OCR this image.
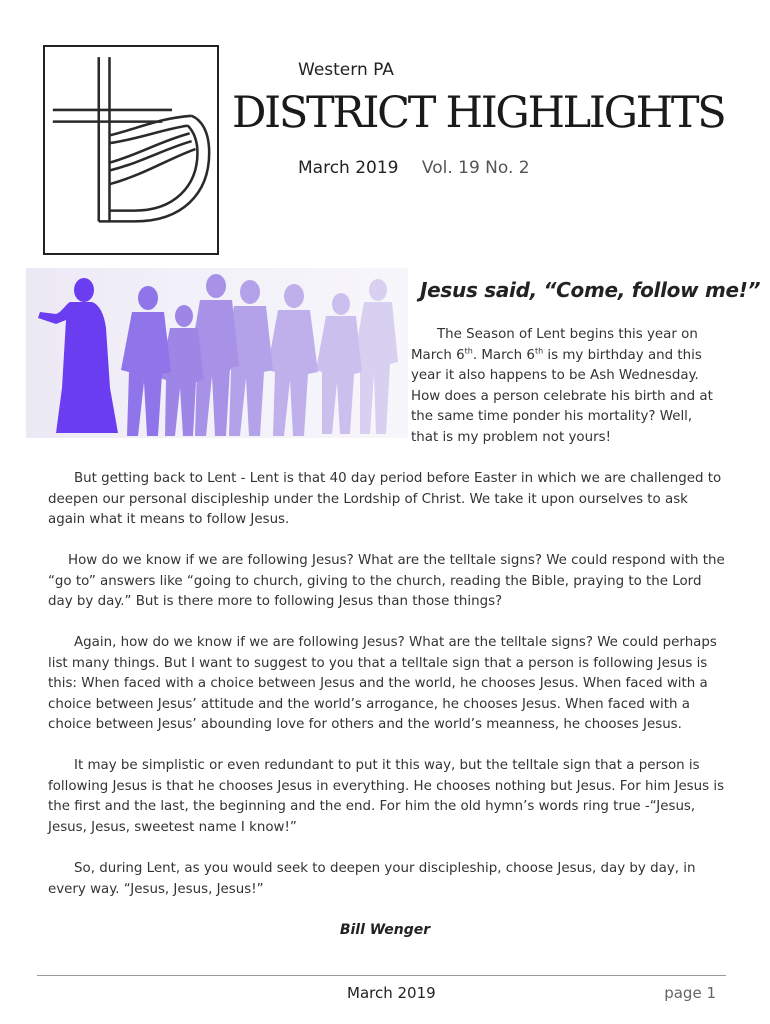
Western PA
DISTRICT HIGHLIGHTS
March 2019 Vol. 19 No. 2
Jesus said, “Come, follow me!”

The Season of Lent begins this year on March 6th. March 6th is my birthday and this year it also happens to be Ash Wednesday. How does a person celebrate his birth and at the same time ponder his mortality? Well, that is my problem not yours!

But getting back to Lent - Lent is that 40 day period before Easter in which we are challenged to deepen our personal discipleship under the Lordship of Christ. We take it upon ourselves to ask again what it means to follow Jesus.

How do we know if we are following Jesus? What are the telltale signs? We could respond with the “go to” answers like “going to church, giving to the church, reading the Bible, praying to the Lord day by day.” But is there more to following Jesus than those things?

Again, how do we know if we are following Jesus? What are the telltale signs? We could perhaps list many things. But I want to suggest to you that a telltale sign that a person is following Jesus is this: When faced with a choice between Jesus and the world, he chooses Jesus. When faced with a choice between Jesus’ attitude and the world’s arrogance, he chooses Jesus. When faced with a choice between Jesus’ abounding love for others and the world’s meanness, he chooses Jesus.

It may be simplistic or even redundant to put it this way, but the telltale sign that a person is following Jesus is that he chooses Jesus in everything. He chooses nothing but Jesus. For him Jesus is the first and the last, the beginning and the end. For him the old hymn’s words ring true -“Jesus, Jesus, Jesus, sweetest name I know!”

So, during Lent, as you would seek to deepen your discipleship, choose Jesus, day by day, in every way. “Jesus, Jesus, Jesus!”

Bill Wenger
March 2019	page 1
